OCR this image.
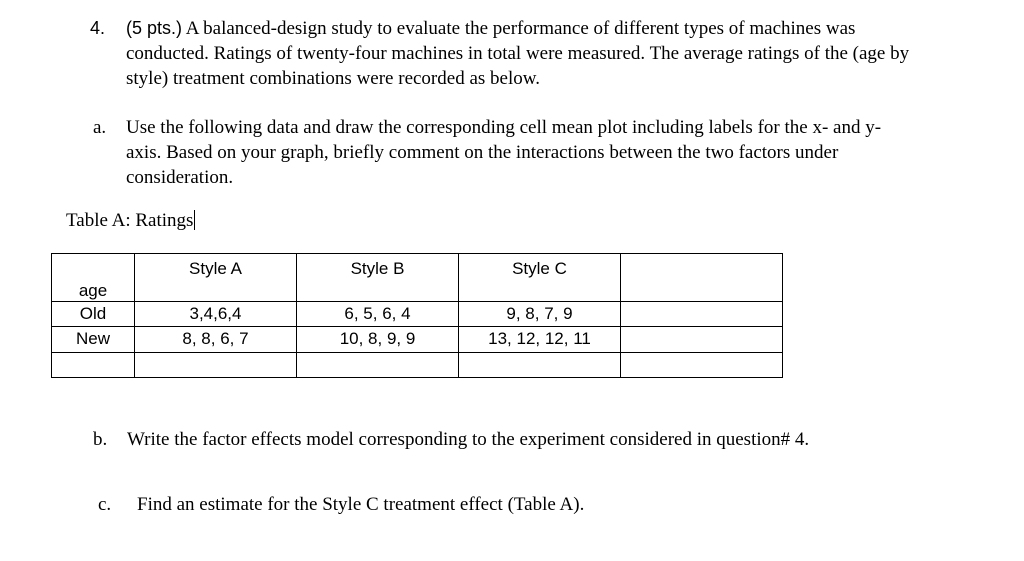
4. (5 pts.) A balanced-design study to evaluate the performance of different types of machines was conducted. Ratings of twenty-four machines in total were measured. The average ratings of the (age by style) treatment combinations were recorded as below.
a. Use the following data and draw the corresponding cell mean plot including labels for the x- and y-axis. Based on your graph, briefly comment on the interactions between the two factors under consideration.
Table A: Ratings
age	Style A	Style B	Style C	

Old	3,4,6,4	6, 5, 6, 4	9, 8, 7, 9	

New	8, 8, 6, 7	10, 8, 9, 9	13, 12, 12, 11	

b. Write the factor effects model corresponding to the experiment considered in question# 4.
c. Find an estimate for the Style C treatment effect (Table A).
